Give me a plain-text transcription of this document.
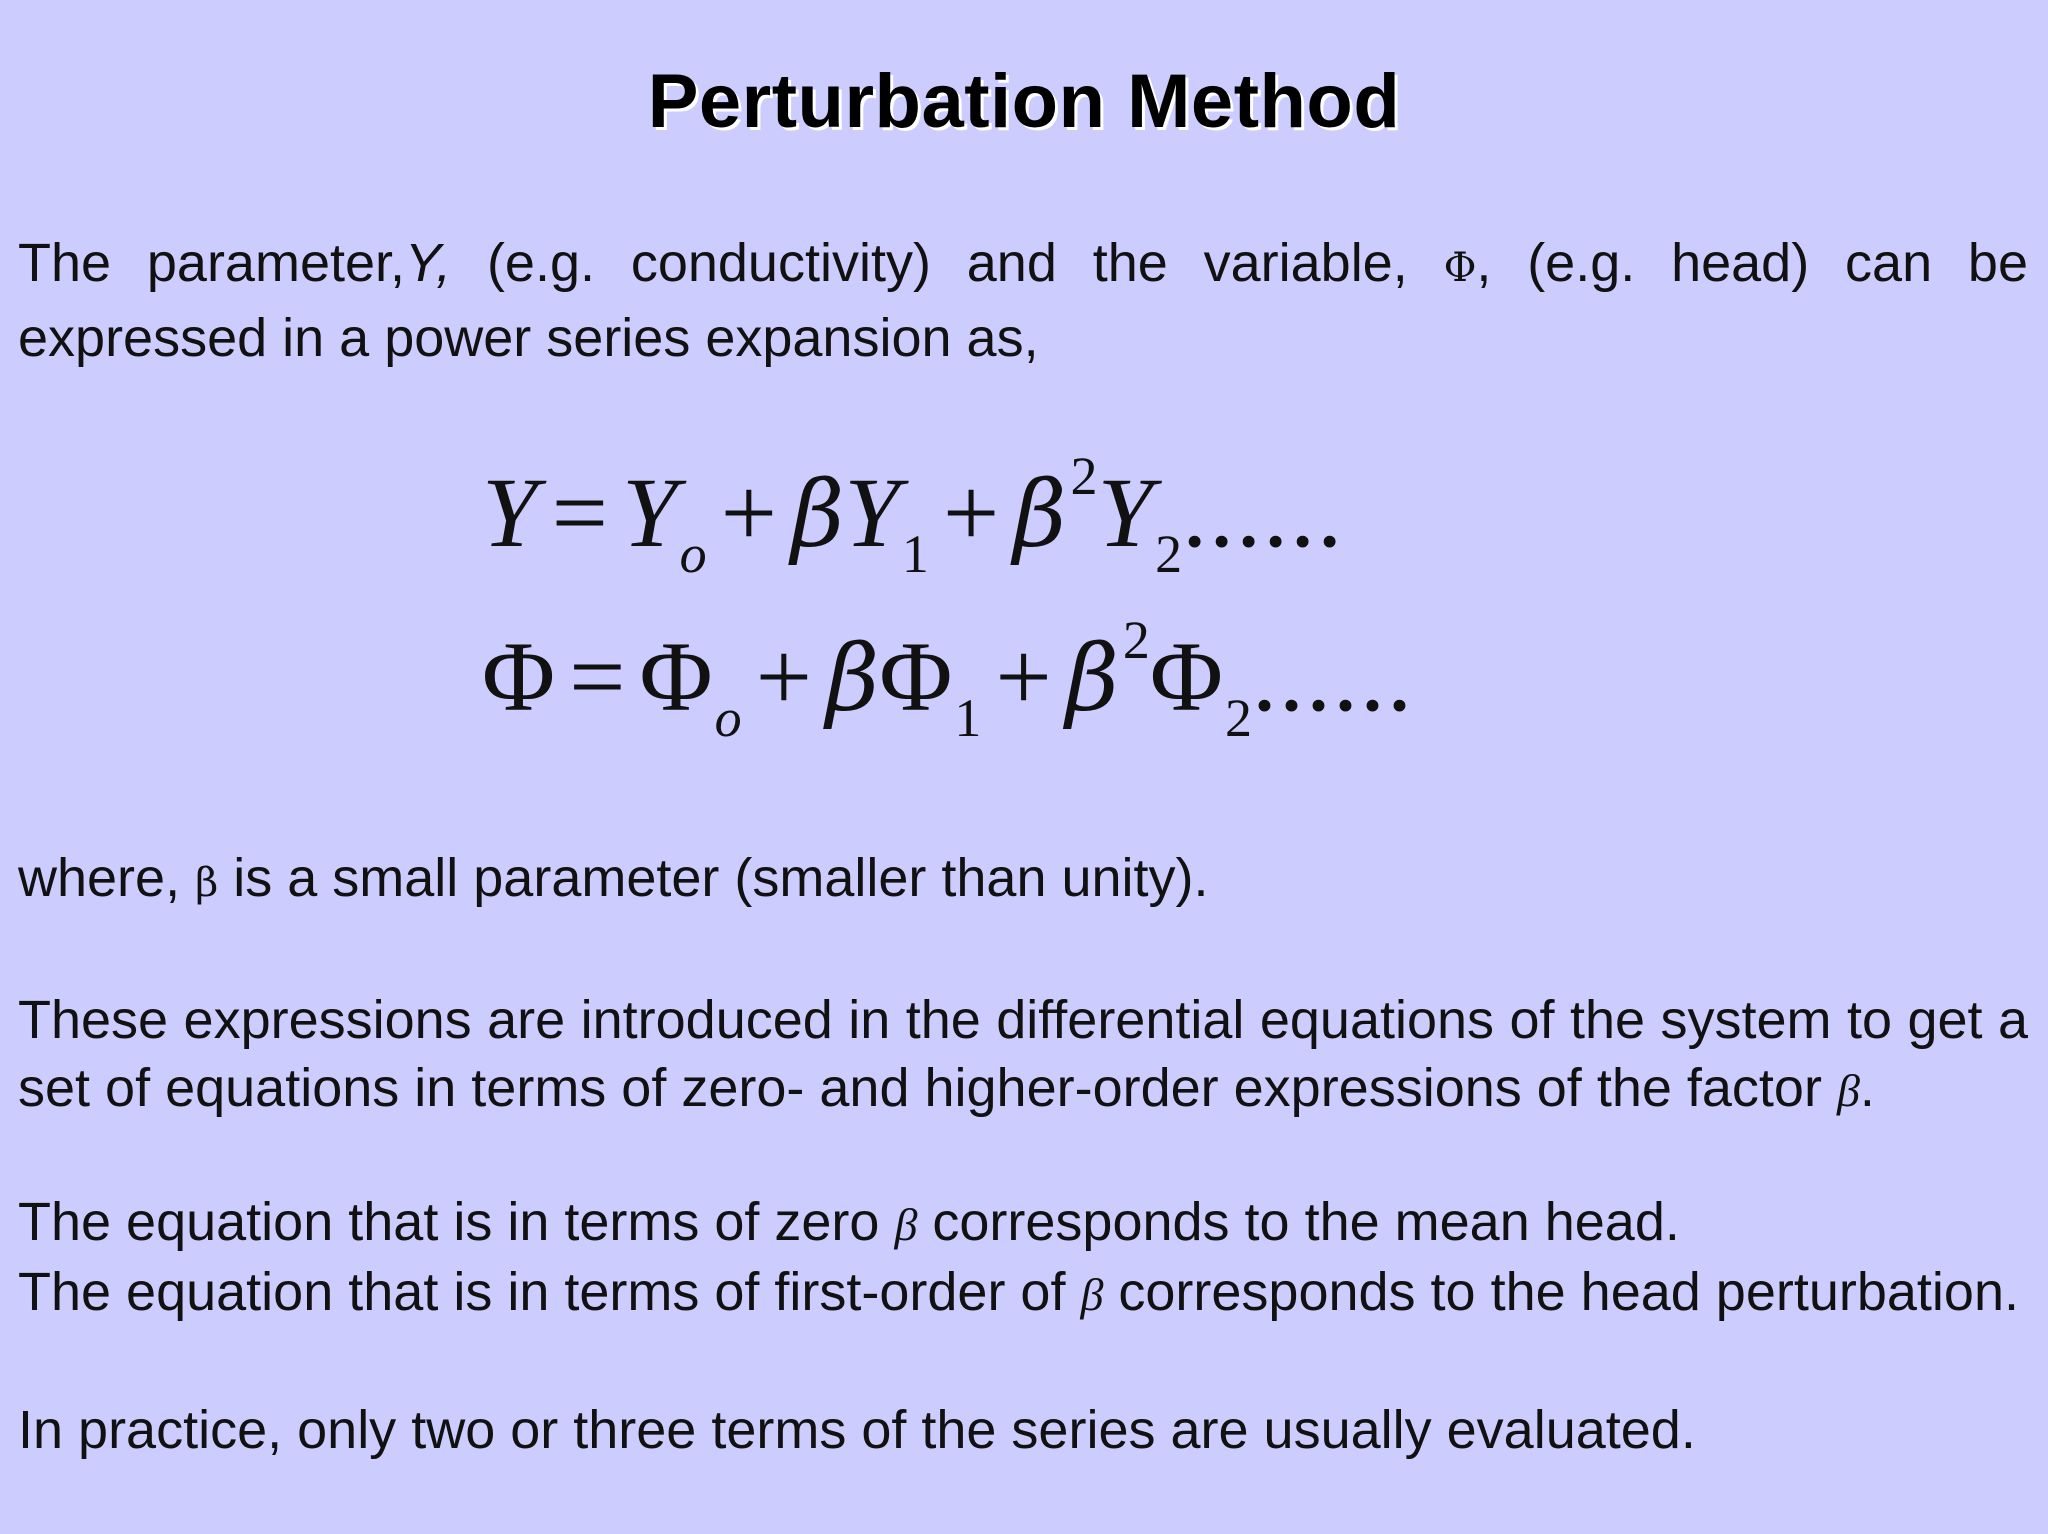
Perturbation Method
The parameter,Y, (e.g. conductivity) and the variable, Φ, (e.g. head) can be expressed in a power series expansion as,
$Y = Y_o + \beta Y_1 + \beta^2Y_2$......
$\Phi = \Phi_o + \beta\Phi_1 + \beta^2\Phi_2$......
where, β is a small parameter (smaller than unity).
These expressions are introduced in the differential equations of the system to get a set of equations in terms of zero- and higher-order expressions of the factor β.
The equation that is in terms of zero β corresponds to the mean head.
The equation that is in terms of first-order of β corresponds to the head perturbation.
In practice, only two or three terms of the series are usually evaluated.
